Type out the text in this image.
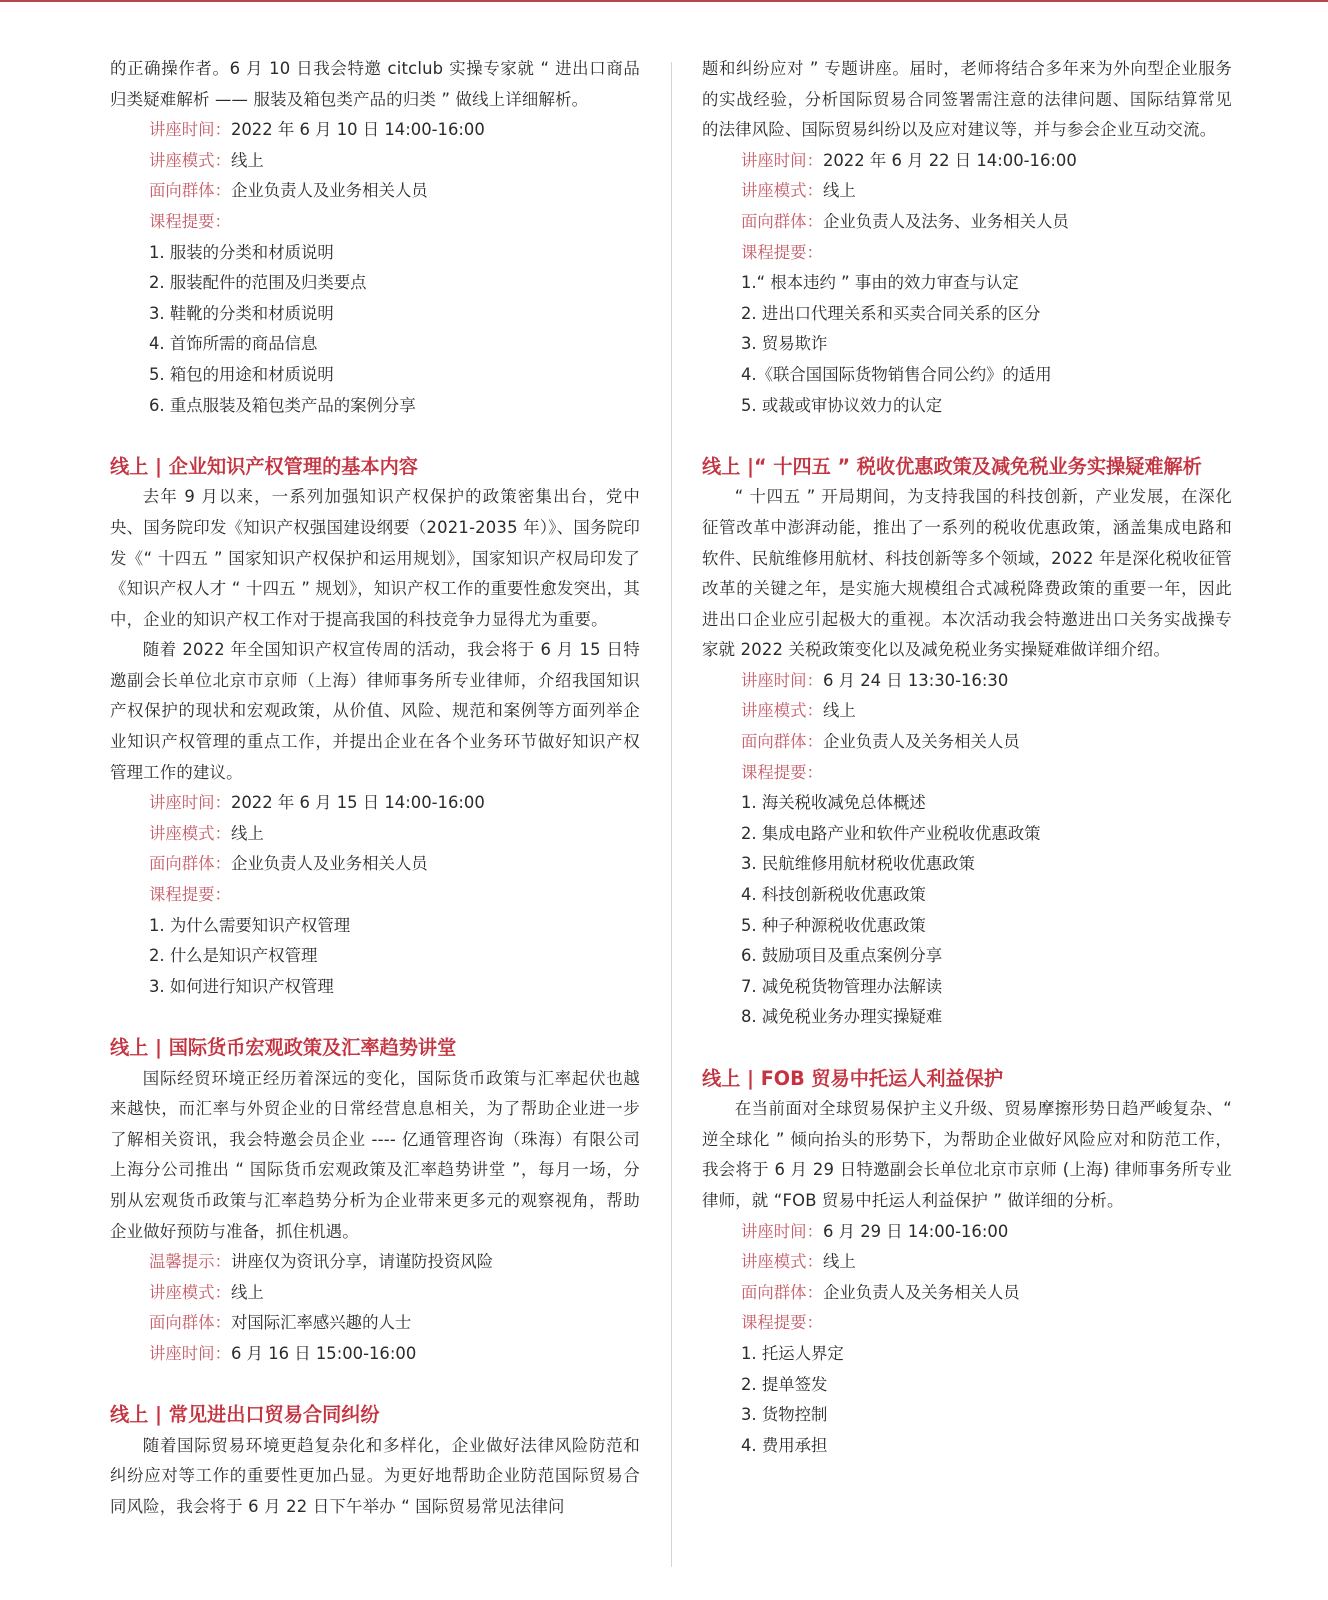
的正确操作者。6 月 10 日我会特邀 citclub 实操专家就 “ 进出口商品归类疑难解析 —— 服装及箱包类产品的归类 ” 做线上详细解析。

讲座时间：2022 年 6 月 10 日 14:00-16:00

讲座模式：线上

面向群体：企业负责人及业务相关人员

课程提要：

1. 服装的分类和材质说明

2. 服装配件的范围及归类要点

3. 鞋靴的分类和材质说明

4. 首饰所需的商品信息

5. 箱包的用途和材质说明

6. 重点服装及箱包类产品的案例分享

线上 | 企业知识产权管理的基本内容

去年 9 月以来，一系列加强知识产权保护的政策密集出台，党中央、国务院印发《知识产权强国建设纲要（2021-2035 年）》、国务院印发《“ 十四五 ” 国家知识产权保护和运用规划》，国家知识产权局印发了《知识产权人才 “ 十四五 ” 规划》，知识产权工作的重要性愈发突出，其中，企业的知识产权工作对于提高我国的科技竞争力显得尤为重要。

随着 2022 年全国知识产权宣传周的活动，我会将于 6 月 15 日特邀副会长单位北京市京师（上海）律师事务所专业律师，介绍我国知识产权保护的现状和宏观政策，从价值、风险、规范和案例等方面列举企业知识产权管理的重点工作，并提出企业在各个业务环节做好知识产权管理工作的建议。

讲座时间：2022 年 6 月 15 日 14:00-16:00

讲座模式：线上

面向群体：企业负责人及业务相关人员

课程提要：

1. 为什么需要知识产权管理

2. 什么是知识产权管理

3. 如何进行知识产权管理

线上 | 国际货币宏观政策及汇率趋势讲堂

国际经贸环境正经历着深远的变化，国际货币政策与汇率起伏也越来越快，而汇率与外贸企业的日常经营息息相关，为了帮助企业进一步了解相关资讯，我会特邀会员企业 ---- 亿通管理咨询（珠海）有限公司上海分公司推出 “ 国际货币宏观政策及汇率趋势讲堂 ”，每月一场，分别从宏观货币政策与汇率趋势分析为企业带来更多元的观察视角，帮助企业做好预防与准备，抓住机遇。

温馨提示：讲座仅为资讯分享，请谨防投资风险

讲座模式：线上

面向群体：对国际汇率感兴趣的人士

讲座时间：6 月 16 日 15:00-16:00

线上 | 常见进出口贸易合同纠纷

随着国际贸易环境更趋复杂化和多样化，企业做好法律风险防范和纠纷应对等工作的重要性更加凸显。为更好地帮助企业防范国际贸易合同风险，我会将于 6 月 22 日下午举办 “ 国际贸易常见法律问

题和纠纷应对 ” 专题讲座。届时，老师将结合多年来为外向型企业服务的实战经验，分析国际贸易合同签署需注意的法律问题、国际结算常见的法律风险、国际贸易纠纷以及应对建议等，并与参会企业互动交流。

讲座时间：2022 年 6 月 22 日 14:00-16:00

讲座模式：线上

面向群体：企业负责人及法务、业务相关人员

课程提要：

1.“ 根本违约 ” 事由的效力审查与认定

2. 进出口代理关系和买卖合同关系的区分

3. 贸易欺诈

4.《联合国国际货物销售合同公约》的适用

5. 或裁或审协议效力的认定

线上 |“ 十四五 ” 税收优惠政策及减免税业务实操疑难解析

“ 十四五 ” 开局期间，为支持我国的科技创新，产业发展，在深化征管改革中澎湃动能，推出了一系列的税收优惠政策，涵盖集成电路和软件、民航维修用航材、科技创新等多个领域，2022 年是深化税收征管改革的关键之年，是实施大规模组合式减税降费政策的重要一年，因此进出口企业应引起极大的重视。本次活动我会特邀进出口关务实战操专家就 2022 关税政策变化以及减免税业务实操疑难做详细介绍。

讲座时间：6 月 24 日 13:30-16:30

讲座模式：线上

面向群体：企业负责人及关务相关人员

课程提要：

1. 海关税收减免总体概述

2. 集成电路产业和软件产业税收优惠政策

3. 民航维修用航材税收优惠政策

4. 科技创新税收优惠政策

5. 种子种源税收优惠政策

6. 鼓励项目及重点案例分享

7. 减免税货物管理办法解读

8. 减免税业务办理实操疑难

线上 | FOB 贸易中托运人利益保护

在当前面对全球贸易保护主义升级、贸易摩擦形势日趋严峻复杂、“ 逆全球化 ” 倾向抬头的形势下，为帮助企业做好风险应对和防范工作，我会将于 6 月 29 日特邀副会长单位北京市京师 (上海) 律师事务所专业律师，就 “FOB 贸易中托运人利益保护 ” 做详细的分析。

讲座时间：6 月 29 日 14:00-16:00

讲座模式：线上

面向群体：企业负责人及关务相关人员

课程提要：

1. 托运人界定

2. 提单签发

3. 货物控制

4. 费用承担
